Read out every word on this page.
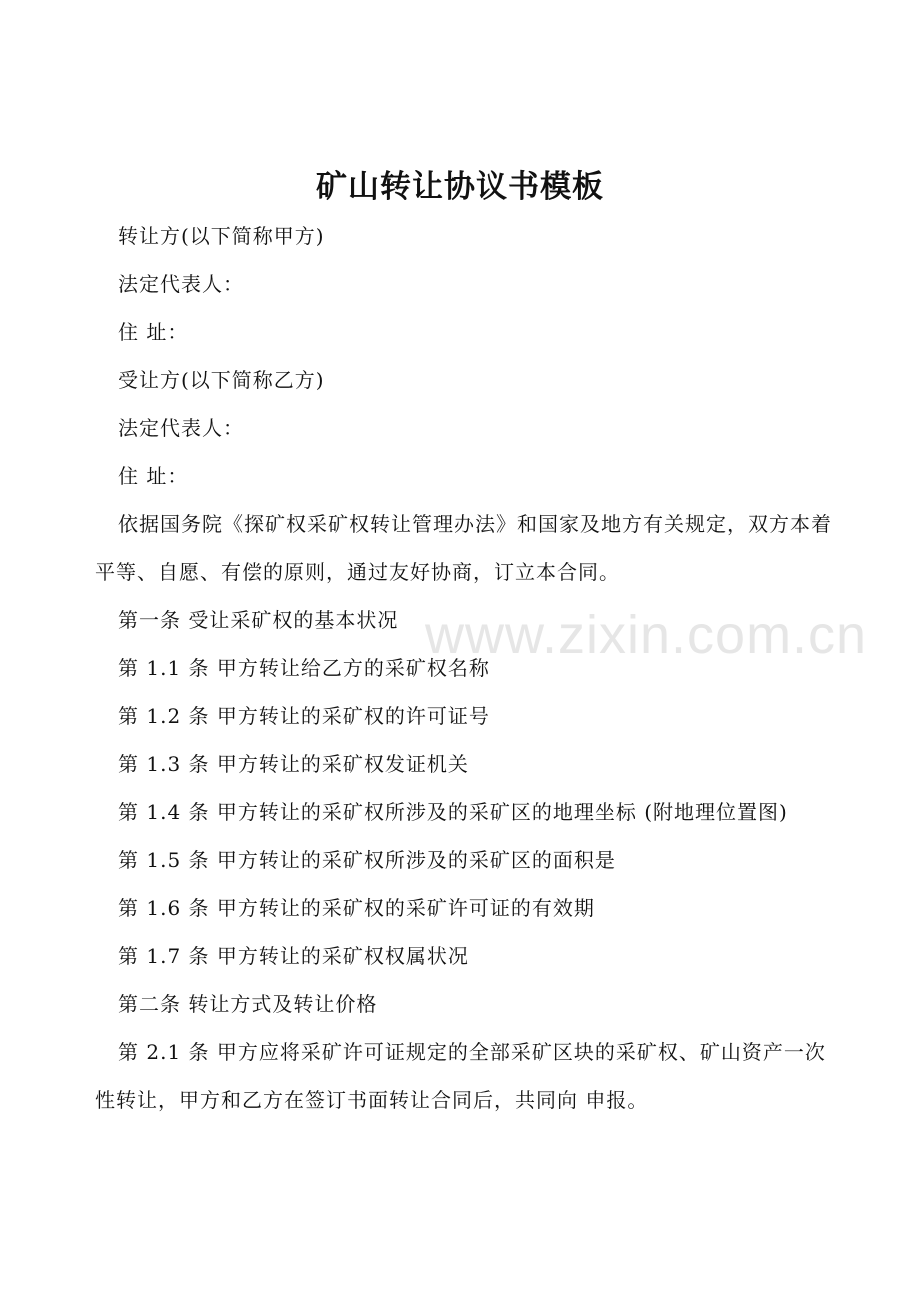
www.zixin.com.cn
矿山转让协议书模板

转让方(以下简称甲方)

法定代表人：

住 址：

受让方(以下简称乙方)

法定代表人：

住 址：

依据国务院《探矿权采矿权转让管理办法》和国家及地方有关规定，双方本着平等、自愿、有偿的原则，通过友好协商，订立本合同。

第一条 受让采矿权的基本状况

第 1.1 条 甲方转让给乙方的采矿权名称

第 1.2 条 甲方转让的采矿权的许可证号

第 1.3 条 甲方转让的采矿权发证机关

第 1.4 条 甲方转让的采矿权所涉及的采矿区的地理坐标 (附地理位置图)

第 1.5 条 甲方转让的采矿权所涉及的采矿区的面积是

第 1.6 条 甲方转让的采矿权的采矿许可证的有效期

第 1.7 条 甲方转让的采矿权权属状况

第二条 转让方式及转让价格

第 2.1 条 甲方应将采矿许可证规定的全部采矿区块的采矿权、矿山资产一次性转让，甲方和乙方在签订书面转让合同后，共同向 申报。
